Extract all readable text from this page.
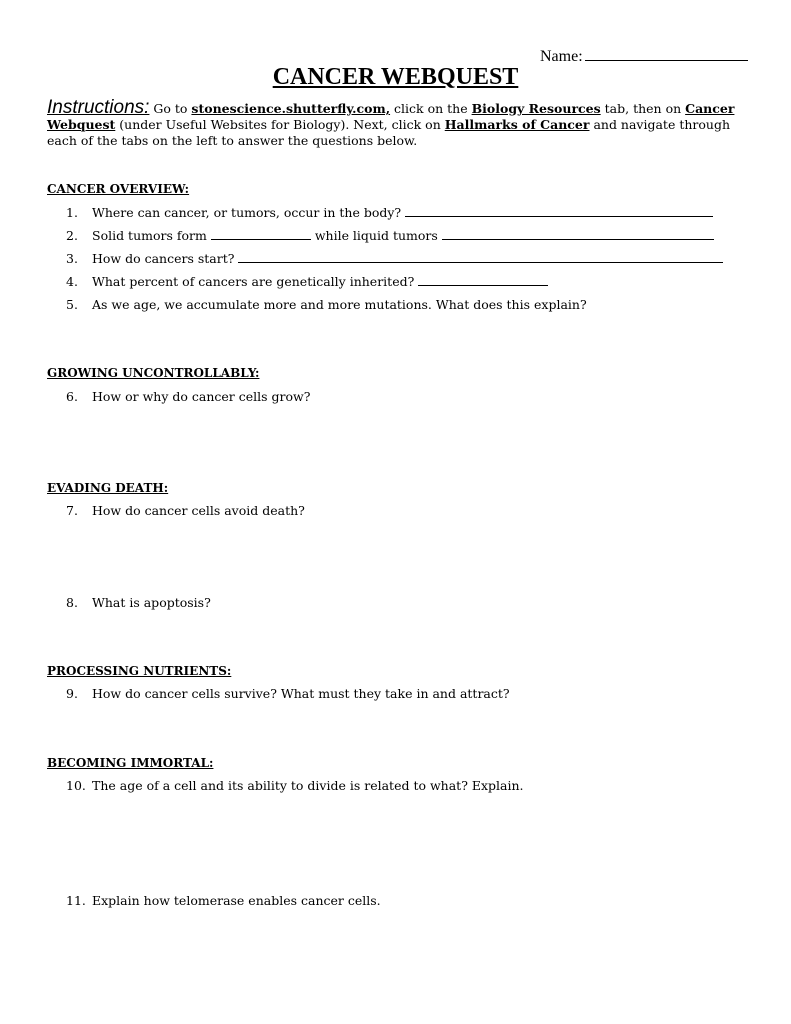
Name:
CANCER WEBQUEST
Instructions: Go to stonescience.shutterfly.com, click on the Biology Resources tab, then on Cancer Webquest (under Useful Websites for Biology). Next, click on Hallmarks of Cancer and navigate through each of the tabs on the left to answer the questions below.
CANCER OVERVIEW:
1. Where can cancer, or tumors, occur in the body?
2. Solid tumors form	while liquid tumors
3. How do cancers start?
4. What percent of cancers are genetically inherited?
5. As we age, we accumulate more and more mutations. What does this explain?
GROWING UNCONTROLLABLY:
6. How or why do cancer cells grow?
EVADING DEATH:
7. How do cancer cells avoid death?
8. What is apoptosis?
PROCESSING NUTRIENTS:
9. How do cancer cells survive? What must they take in and attract?
BECOMING IMMORTAL:
10. The age of a cell and its ability to divide is related to what? Explain.
11. Explain how telomerase enables cancer cells.
